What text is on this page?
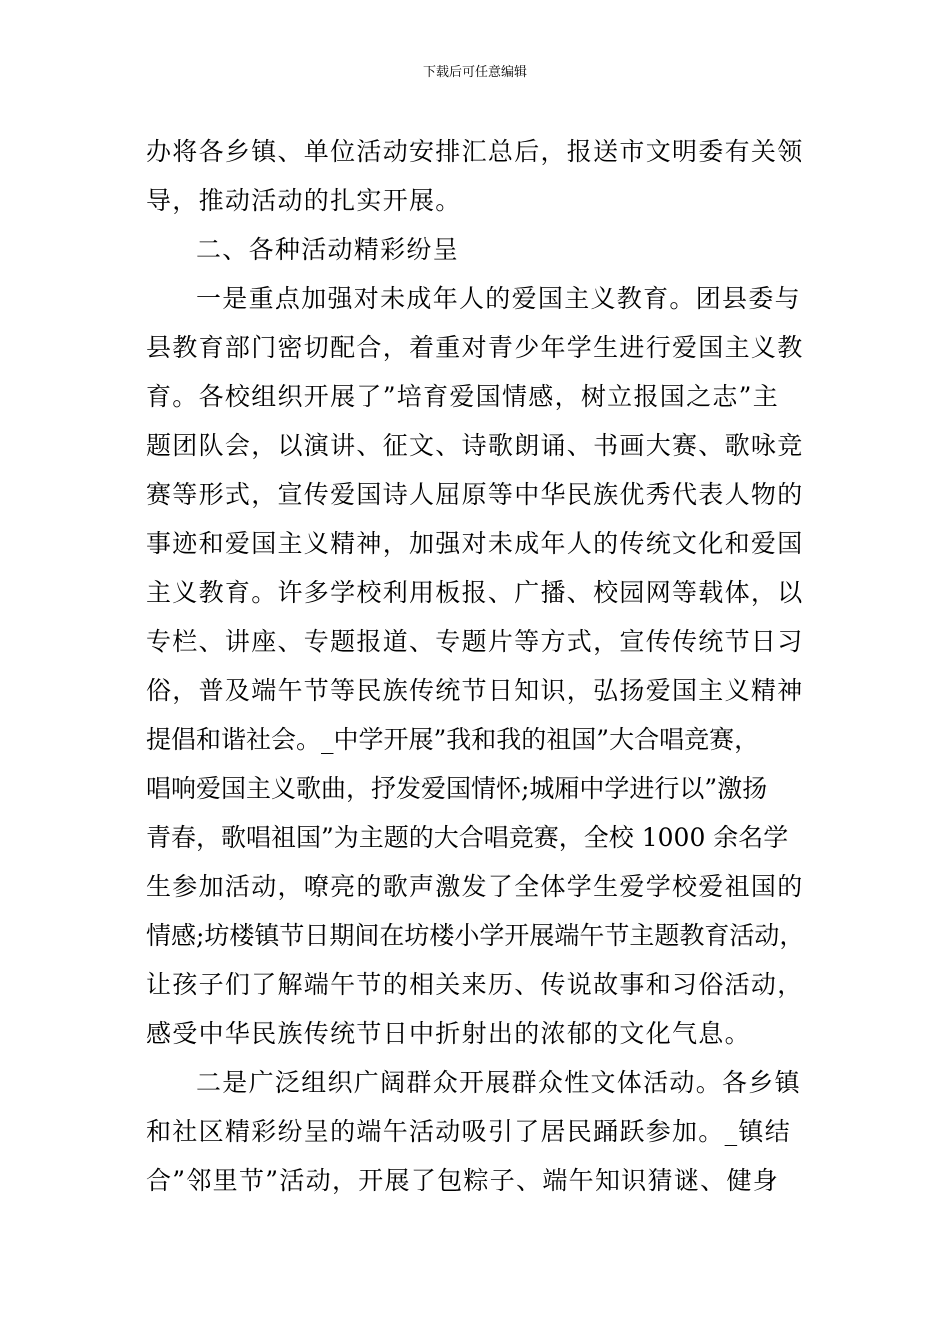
下载后可任意编辑
办将各乡镇、单位活动安排汇总后，报送市文明委有关领
导，推动活动的扎实开展。
二、各种活动精彩纷呈
一是重点加强对未成年人的爱国主义教育。团县委与
县教育部门密切配合，着重对青少年学生进行爱国主义教
育。各校组织开展了”培育爱国情感，树立报国之志”主
题团队会，以演讲、征文、诗歌朗诵、书画大赛、歌咏竞
赛等形式，宣传爱国诗人屈原等中华民族优秀代表人物的
事迹和爱国主义精神，加强对未成年人的传统文化和爱国
主义教育。许多学校利用板报、广播、校园网等载体，以
专栏、讲座、专题报道、专题片等方式，宣传传统节日习
俗，普及端午节等民族传统节日知识，弘扬爱国主义精神
提倡和谐社会。_中学开展”我和我的祖国”大合唱竞赛，
唱响爱国主义歌曲，抒发爱国情怀;城厢中学进行以”激扬
青春，歌唱祖国”为主题的大合唱竞赛，全校 1000 余名学
生参加活动，嘹亮的歌声激发了全体学生爱学校爱祖国的
情感;坊楼镇节日期间在坊楼小学开展端午节主题教育活动，
让孩子们了解端午节的相关来历、传说故事和习俗活动，
感受中华民族传统节日中折射出的浓郁的文化气息。
二是广泛组织广阔群众开展群众性文体活动。各乡镇
和社区精彩纷呈的端午活动吸引了居民踊跃参加。_镇结
合”邻里节”活动，开展了包粽子、端午知识猜谜、健身
